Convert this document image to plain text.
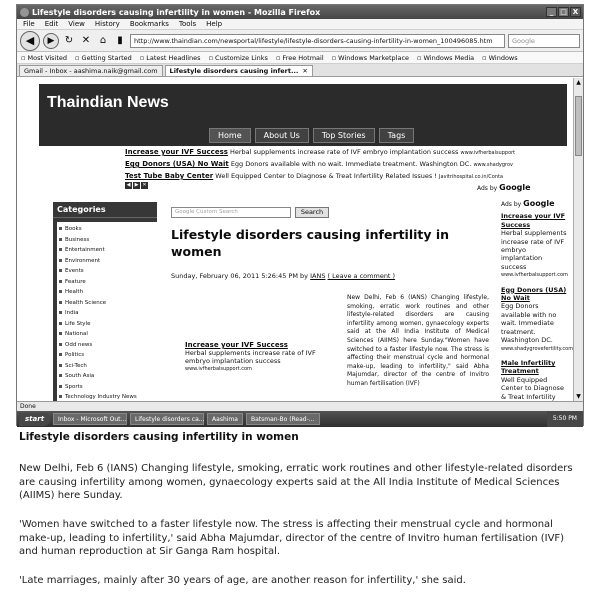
Lifestyle disorders causing infertility in women - Mozilla Firefox	_ □ X
File Edit View History Bookmarks Tools Help
◀	▶	↻ ✕ ⌂	▮	http://www.thaindian.com/newsportal/lifestyle/lifestyle-disorders-causing-infertility-in-women_100496085.htm	Google
▫ Most Visited	▫ Getting Started	▫ Latest Headlines	▫ Customize Links	▫ Free Hotmail	▫ Windows Marketplace	▫ Windows Media	▫ Windows
Gmail - Inbox - aashima.naik@gmail.com	Lifestyle disorders causing infert... ✕
Thaindian News
Home	About Us	Top Stories	Tags
Increase your IVF Success Herbal supplements increase rate of IVF embryo implantation success www.ivfherbalsupport
Egg Donors (USA) No Wait Egg Donors available with no wait. Immediate treatment. Washington DC. www.shadygrov
Test Tube Baby Center Well Equipped Center to Diagnose & Treat Infertility Related Issues ! Javitrihospital.co.in/Conta
◀ ▶ ✕	Ads by Google
Categories
Books
Business
Entertainment
Environment
Events
Feature
Health
Health Science
India
Life Style
National
Odd news
Politics
Sci-Tech
South Asia
Sports
Technology Industry News
Google Custom Search	Search
Lifestyle disorders causing infertility in women
Sunday, February 06, 2011 5:26:45 PM by IANS ( Leave a comment )
Increase your IVF Success
Herbal supplements increase rate of IVF embryo implantation success
www.ivfherbalsupport.com
New Delhi, Feb 6 (IANS) Changing lifestyle, smoking, erratic work routines and other lifestyle-related disorders are causing infertility among women, gynaecology experts said at the All India Institute of Medical Sciences (AIIMS) here Sunday."Women have switched to a faster lifestyle now. The stress is affecting their menstrual cycle and hormonal make-up, leading to infertility," said Abha Majumdar, director of the centre of Invitro human fertilisation (IVF)
Ads by Google
Increase your IVF Success
Herbal supplements increase rate of IVF embryo implantation success
www.ivfherbalsupport.com
Egg Donors (USA) No Wait
Egg Donors available with no wait. Immediate treatment. Washington DC.
www.shadygrovefertility.com
Male Infertility Treatment
Well Equipped Center to Diagnose & Treat Infertility
▲
▼
Done
start	Inbox - Microsoft Out...	Lifestyle disorders ca...	Aashima	Batsman-Bo (Read-...	5:50 PM
Lifestyle disorders causing infertility in women
New Delhi, Feb 6 (IANS) Changing lifestyle, smoking, erratic work routines and other lifestyle-related disorders are causing infertility among women, gynaecology experts said at the All India Institute of Medical Sciences (AIIMS) here Sunday.
'Women have switched to a faster lifestyle now. The stress is affecting their menstrual cycle and hormonal make-up, leading to infertility,' said Abha Majumdar, director of the centre of Invitro human fertilisation (IVF) and human reproduction at Sir Ganga Ram hospital.
'Late marriages, mainly after 30 years of age, are another reason for infertility,' she said.
